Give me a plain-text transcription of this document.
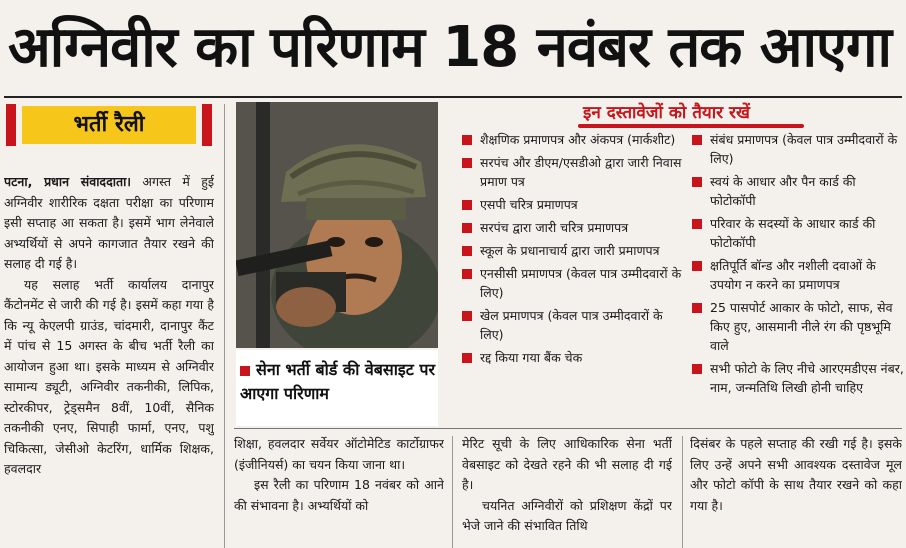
अग्निवीर का परिणाम 18 नवंबर तक आएगा
भर्ती रैली

पटना, प्रधान संवाददाता। अगस्त में हुई अग्निवीर शारीरिक दक्षता परीक्षा का परिणाम इसी सप्ताह आ सकता है। इसमें भाग लेनेवाले अभ्यर्थियों से अपने कागजात तैयार रखने की सलाह दी गई है।

यह सलाह भर्ती कार्यालय दानापुर कैंटोनमेंट से जारी की गई है। इसमें कहा गया है कि न्यू केएलपी ग्राउंड, चांदमारी, दानापुर कैंट में पांच से 15 अगस्त के बीच भर्ती रैली का आयोजन हुआ था। इसके माध्यम से अग्निवीर सामान्य ड्यूटी, अग्निवीर तकनीकी, लिपिक, स्टोरकीपर, ट्रेड्समैन 8वीं, 10वीं, सैनिक तकनीकी एनए, सिपाही फार्मा, एनए, पशु चिकित्सा, जेसीओ केटरिंग, धार्मिक शिक्षक, हवलदार

सेना भर्ती बोर्ड की वेबसाइट पर आएगा परिणाम
इन दस्तावेजों को तैयार रखें
शैक्षणिक प्रमाणपत्र और अंकपत्र (मार्कशीट)
सरपंच और डीएम/एसडीओ द्वारा जारी निवास प्रमाण पत्र
एसपी चरित्र प्रमाणपत्र
सरपंच द्वारा जारी चरित्र प्रमाणपत्र
स्कूल के प्रधानाचार्य द्वारा जारी प्रमाणपत्र
एनसीसी प्रमाणपत्र (केवल पात्र उम्मीदवारों के लिए)
खेल प्रमाणपत्र (केवल पात्र उम्मीदवारों के लिए)
रद्द किया गया बैंक चेक
संबंध प्रमाणपत्र (केवल पात्र उम्मीदवारों के लिए)
स्वयं के आधार और पैन कार्ड की फोटोकॉपी
परिवार के सदस्यों के आधार कार्ड की फोटोकॉपी
क्षतिपूर्ति बॉन्ड और नशीली दवाओं के उपयोग न करने का प्रमाणपत्र
25 पासपोर्ट आकार के फोटो, साफ, सेव किए हुए, आसमानी नीले रंग की पृष्ठभूमि वाले
सभी फोटो के लिए नीचे आरएमडीएस नंबर, नाम, जन्मतिथि लिखी होनी चाहिए

शिक्षा, हवलदार सर्वेयर ऑटोमेटिड कार्टोग्राफर (इंजीनियर्स) का चयन किया जाना था।

इस रैली का परिणाम 18 नवंबर को आने की संभावना है। अभ्यर्थियों को

मेरिट सूची के लिए आधिकारिक सेना भर्ती वेबसाइट को देखते रहने की भी सलाह दी गई है।

चयनित अग्निवीरों को प्रशिक्षण केंद्रों पर भेजे जाने की संभावित तिथि

दिसंबर के पहले सप्ताह की रखी गई है। इसके लिए उन्हें अपने सभी आवश्यक दस्तावेज मूल और फोटो कॉपी के साथ तैयार रखने को कहा गया है।
